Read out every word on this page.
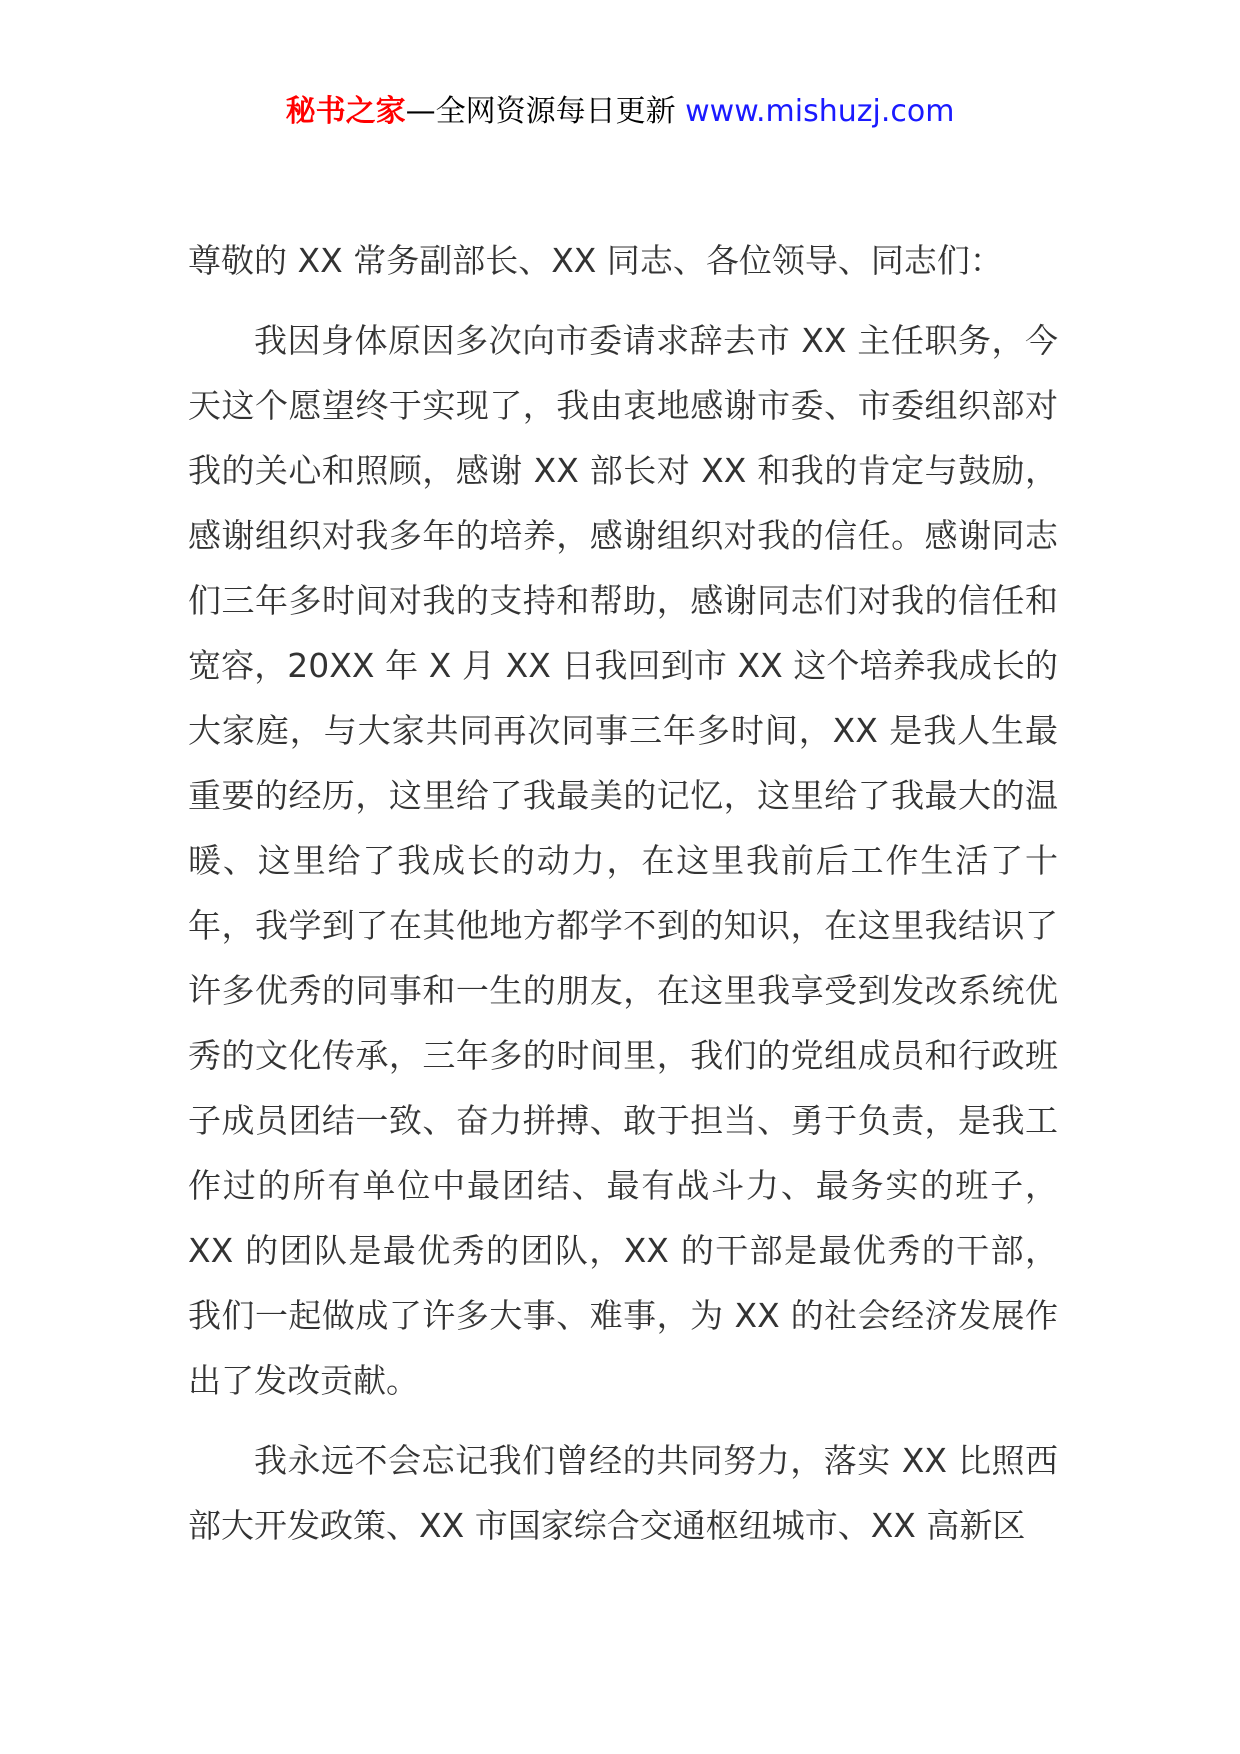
秘书之家—全网资源每日更新 www.mishuzj.com

尊敬的 XX 常务副部长、XX 同志、各位领导、同志们：

我因身体原因多次向市委请求辞去市 XX 主任职务，今天这个愿望终于实现了，我由衷地感谢市委、市委组织部对我的关心和照顾，感谢 XX 部长对 XX 和我的肯定与鼓励，感谢组织对我多年的培养，感谢组织对我的信任。感谢同志们三年多时间对我的支持和帮助，感谢同志们对我的信任和宽容，20XX 年 X 月 XX 日我回到市 XX 这个培养我成长的大家庭，与大家共同再次同事三年多时间，XX 是我人生最重要的经历，这里给了我最美的记忆，这里给了我最大的温暖、这里给了我成长的动力，在这里我前后工作生活了十年，我学到了在其他地方都学不到的知识，在这里我结识了许多优秀的同事和一生的朋友，在这里我享受到发改系统优秀的文化传承，三年多的时间里，我们的党组成员和行政班子成员团结一致、奋力拼搏、敢于担当、勇于负责，是我工作过的所有单位中最团结、最有战斗力、最务实的班子，XX 的团队是最优秀的团队，XX 的干部是最优秀的干部，我们一起做成了许多大事、难事，为 XX 的社会经济发展作出了发改贡献。

我永远不会忘记我们曾经的共同努力，落实 XX 比照西部大开发政策、XX 市国家综合交通枢纽城市、XX 高新区
